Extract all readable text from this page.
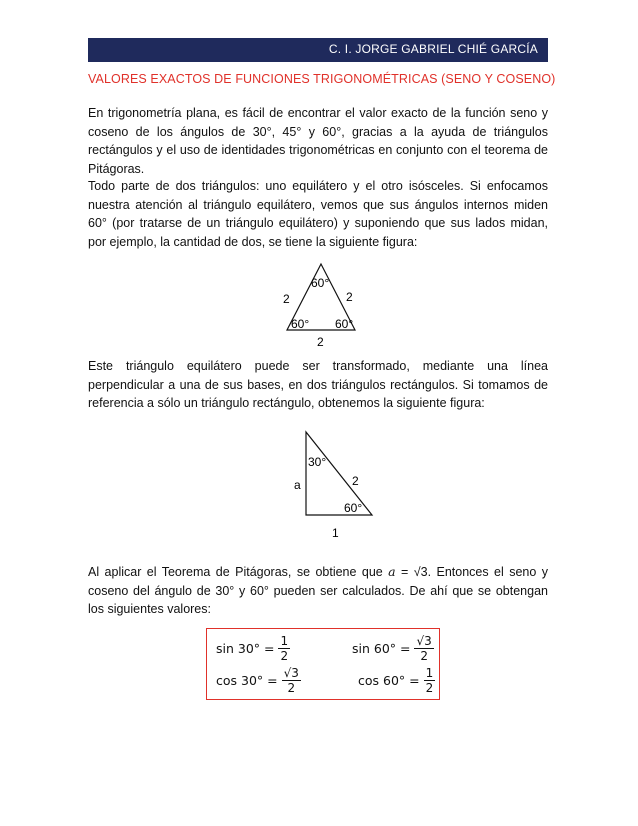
C. I. JORGE GABRIEL CHIÉ GARCÍA
VALORES EXACTOS DE FUNCIONES TRIGONOMÉTRICAS (SENO Y COSENO)
En trigonometría plana, es fácil de encontrar el valor exacto de la función seno y coseno de los ángulos de 30°, 45° y 60°, gracias a la ayuda de triángulos rectángulos y el uso de identidades trigonométricas en conjunto con el teorema de Pitágoras.
Todo parte de dos triángulos: uno equilátero y el otro isósceles. Si enfocamos nuestra atención al triángulo equilátero, vemos que sus ángulos internos miden 60° (por tratarse de un triángulo equilátero) y suponiendo que sus lados midan, por ejemplo, la cantidad de dos, se tiene la siguiente figura:
60°
2	2
60° 60°
2
Este triángulo equilátero puede ser transformado, mediante una línea perpendicular a una de sus bases, en dos triángulos rectángulos. Si tomamos de referencia a sólo un triángulo rectángulo, obtenemos la siguiente figura:
30°
a	2
60°
1
Al aplicar el Teorema de Pitágoras, se obtiene que a = √3. Entonces el seno y coseno del ángulo de 30° y 60° pueden ser calculados. De ahí que se obtengan los siguientes valores:
$\sin 30^\circ = \frac{1}{2}$	$\sin 60^\circ = \frac{√3}{2}$
$\cos 30^\circ = \frac{√3}{2}$	$\cos 60^\circ = \frac{1}{2}$
